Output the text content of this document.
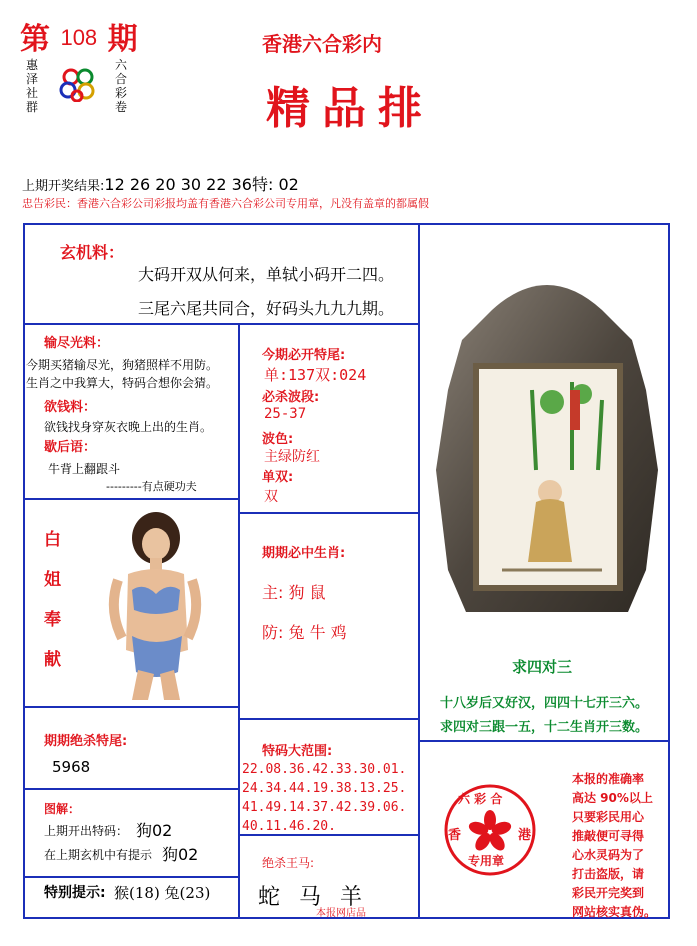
第 108 期
惠
泽
社
群
六
合
彩
卷
香港六合彩内
精品排
上期开奖结果:12 26 20 30 22 36特: 02
忠告彩民：香港六合彩公司彩报均盖有香港六合彩公司专用章，凡没有盖章的都属假
玄机料：
大码开双从何来，单轼小码开二四。
三尾六尾共同合，好码头九九九期。
输尽光料：
今期买猪输尽光，狗猪照样不用防。
生肖之中我算大，特码合想你会猜。
欲钱料：
欲钱找身穿灰衣晚上出的生肖。
歇后语：
牛背上翻跟斗
---------有点硬功夫
今期必开特尾:
单:137双:024
必杀波段:
25-37
波色:
主绿防红
单双:
双
白
姐
奉
献
期期必中生肖:
主: 狗 鼠
防: 兔 牛 鸡
求四对三
十八岁后又好汉，四四十七开三六。
求四对三跟一五，十二生肖开三数。
期期绝杀特尾:
5968
图解：
上期开出特码： 狗02
在上期玄机中有提示 狗02
特别提示: 猴(18) 兔(23)
特码大范围:
22.08.36.42.33.30.01.
24.34.44.19.38.13.25.
41.49.14.37.42.39.06.
40.11.46.20.
绝杀王马:
蛇 马 羊
本报网店品
六 彩 合
香	港
专用章
本报的准确率
高达 90%以上
只要彩民用心
推敲便可寻得
心水灵码为了
打击盗版，请
彩民开完奖到
网站核实真伪。
